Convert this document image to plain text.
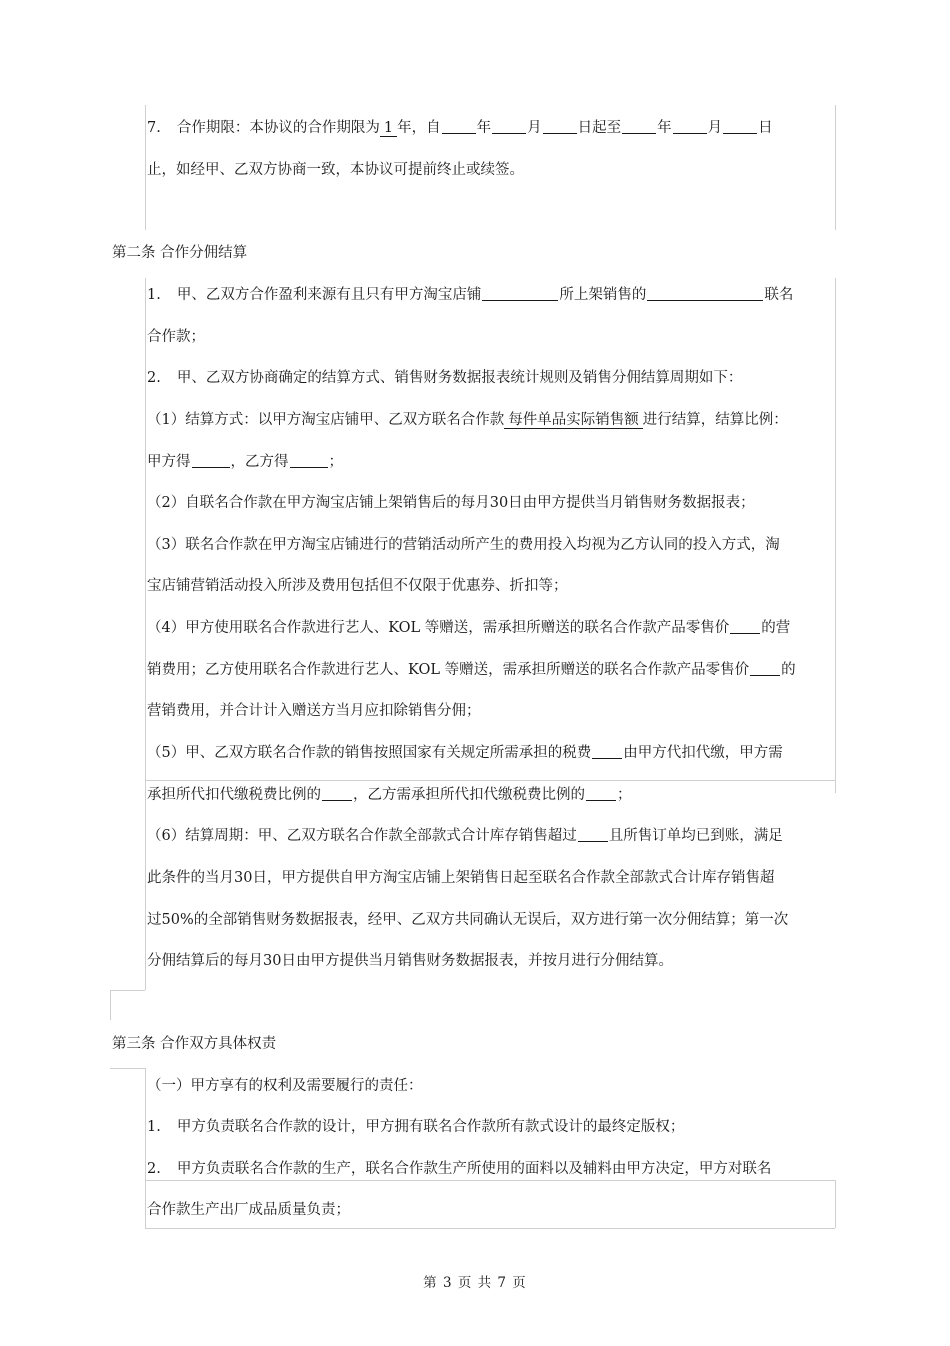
7. 合作期限：本协议的合作期限为 1 年，自 年 月 日起至 年 月 日
止，如经甲、乙双方协商一致，本协议可提前终止或续签。
第二条 合作分佣结算
1. 甲、乙双方合作盈利来源有且只有甲方淘宝店铺	所上架销售的	联名
合作款；
2. 甲、乙双方协商确定的结算方式、销售财务数据报表统计规则及销售分佣结算周期如下：
（1）结算方式：以甲方淘宝店铺甲、乙双方联名合作款 每件单品实际销售额 进行结算，结算比例：
甲方得	，乙方得	；
（2）自联名合作款在甲方淘宝店铺上架销售后的每月30日由甲方提供当月销售财务数据报表；
（3）联名合作款在甲方淘宝店铺进行的营销活动所产生的费用投入均视为乙方认同的投入方式，淘
宝店铺营销活动投入所涉及费用包括但不仅限于优惠券、折扣等；
（4）甲方使用联名合作款进行艺人、KOL 等赠送，需承担所赠送的联名合作款产品零售价 的营
销费用；乙方使用联名合作款进行艺人、KOL 等赠送，需承担所赠送的联名合作款产品零售价 的
营销费用，并合计计入赠送方当月应扣除销售分佣；
（5）甲、乙双方联名合作款的销售按照国家有关规定所需承担的税费 由甲方代扣代缴，甲方需
承担所代扣代缴税费比例的 ，乙方需承担所代扣代缴税费比例的 ；
（6）结算周期：甲、乙双方联名合作款全部款式合计库存销售超过 且所售订单均已到账，满足
此条件的当月30日，甲方提供自甲方淘宝店铺上架销售日起至联名合作款全部款式合计库存销售超
过50%的全部销售财务数据报表，经甲、乙双方共同确认无误后，双方进行第一次分佣结算；第一次
分佣结算后的每月30日由甲方提供当月销售财务数据报表，并按月进行分佣结算。
第三条 合作双方具体权责
（一）甲方享有的权利及需要履行的责任：
1. 甲方负责联名合作款的设计，甲方拥有联名合作款所有款式设计的最终定版权；
2. 甲方负责联名合作款的生产，联名合作款生产所使用的面料以及辅料由甲方决定，甲方对联名
合作款生产出厂成品质量负责；
第 3 页 共 7 页
